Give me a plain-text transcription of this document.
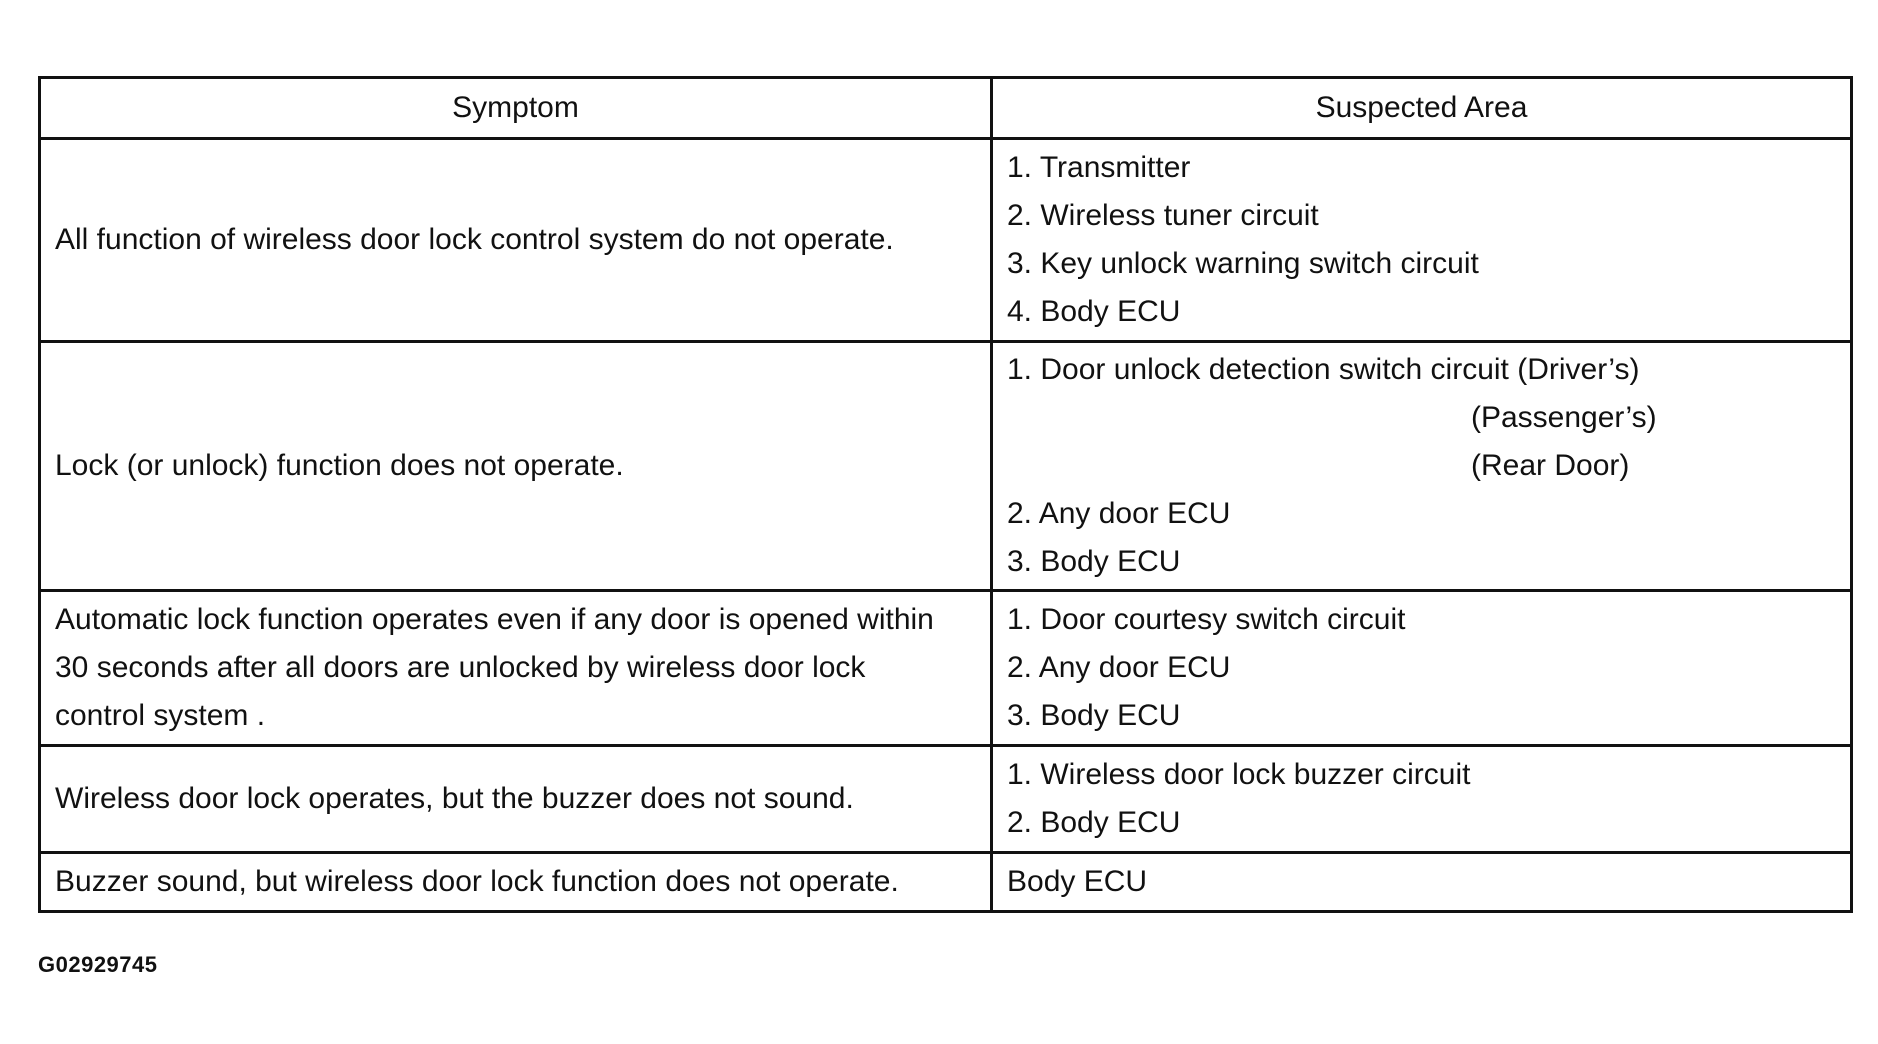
Symptom	Suspected Area

All function of wireless door lock control system do not operate.	1. Transmitter
2. Wireless tuner circuit
3. Key unlock warning switch circuit
4. Body ECU

Lock (or unlock) function does not operate.	1. Door unlock detection switch circuit (Driver’s)
(Passenger’s)
(Rear Door)
2. Any door ECU
3. Body ECU

Automatic lock function operates even if any door is opened within
30 seconds after all doors are unlocked by wireless door lock
control system .	1. Door courtesy switch circuit
2. Any door ECU
3. Body ECU

Wireless door lock operates, but the buzzer does not sound.	1. Wireless door lock buzzer circuit
2. Body ECU

Buzzer sound, but wireless door lock function does not operate.	Body ECU
G02929745
